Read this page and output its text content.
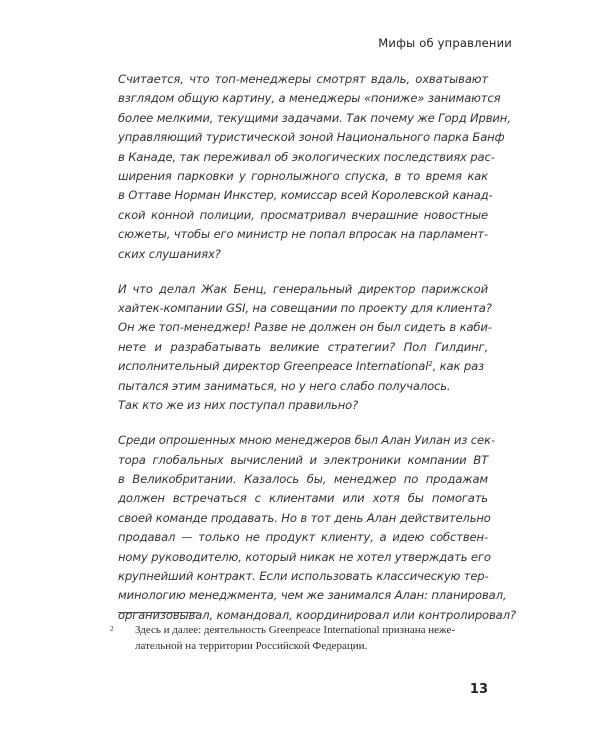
Мифы об управлении

Считается, что топ-менеджеры смотрят вдаль, охватывают
взглядом общую картину, а менеджеры «пониже» занимаются
более мелкими, текущими задачами. Так почему же Горд Ирвин,
управляющий туристической зоной Национального парка Банф
в Канаде, так переживал об экологических последствиях рас-
ширения парковки у горнолыжного спуска, в то время как
в Оттаве Норман Инкстер, комиссар всей Королевской канад-
ской конной полиции, просматривал вчерашние новостные
сюжеты, чтобы его министр не попал впросак на парламент-
ских слушаниях?

И что делал Жак Бенц, генеральный директор парижской
хайтек-компании GSI, на совещании по проекту для клиента?
Он же топ-менеджер! Разве не должен он был сидеть в каби-
нете и разрабатывать великие стратегии? Пол Гилдинг,
исполнительный директор Greenpeace International$^2$, как раз
пытался этим заниматься, но у него слабо получалось.
Так кто же из них поступал правильно?

Среди опрошенных мною менеджеров был Алан Уилан из сек-
тора глобальных вычислений и электроники компании BT
в Великобритании. Казалось бы, менеджер по продажам
должен встречаться с клиентами или хотя бы помогать
своей команде продавать. Но в тот день Алан действительно
продавал — только не продукт клиенту, а идею собствен-
ному руководителю, который никак не хотел утверждать его
крупнейший контракт. Если использовать классическую тер-
минологию менеджмента, чем же занимался Алан: планировал,
организовывал, командовал, координировал или контролировал?

2 Здесь и далее: деятельность Greenpeace International признана неже-
лательной на территории Российской Федерации.
13
